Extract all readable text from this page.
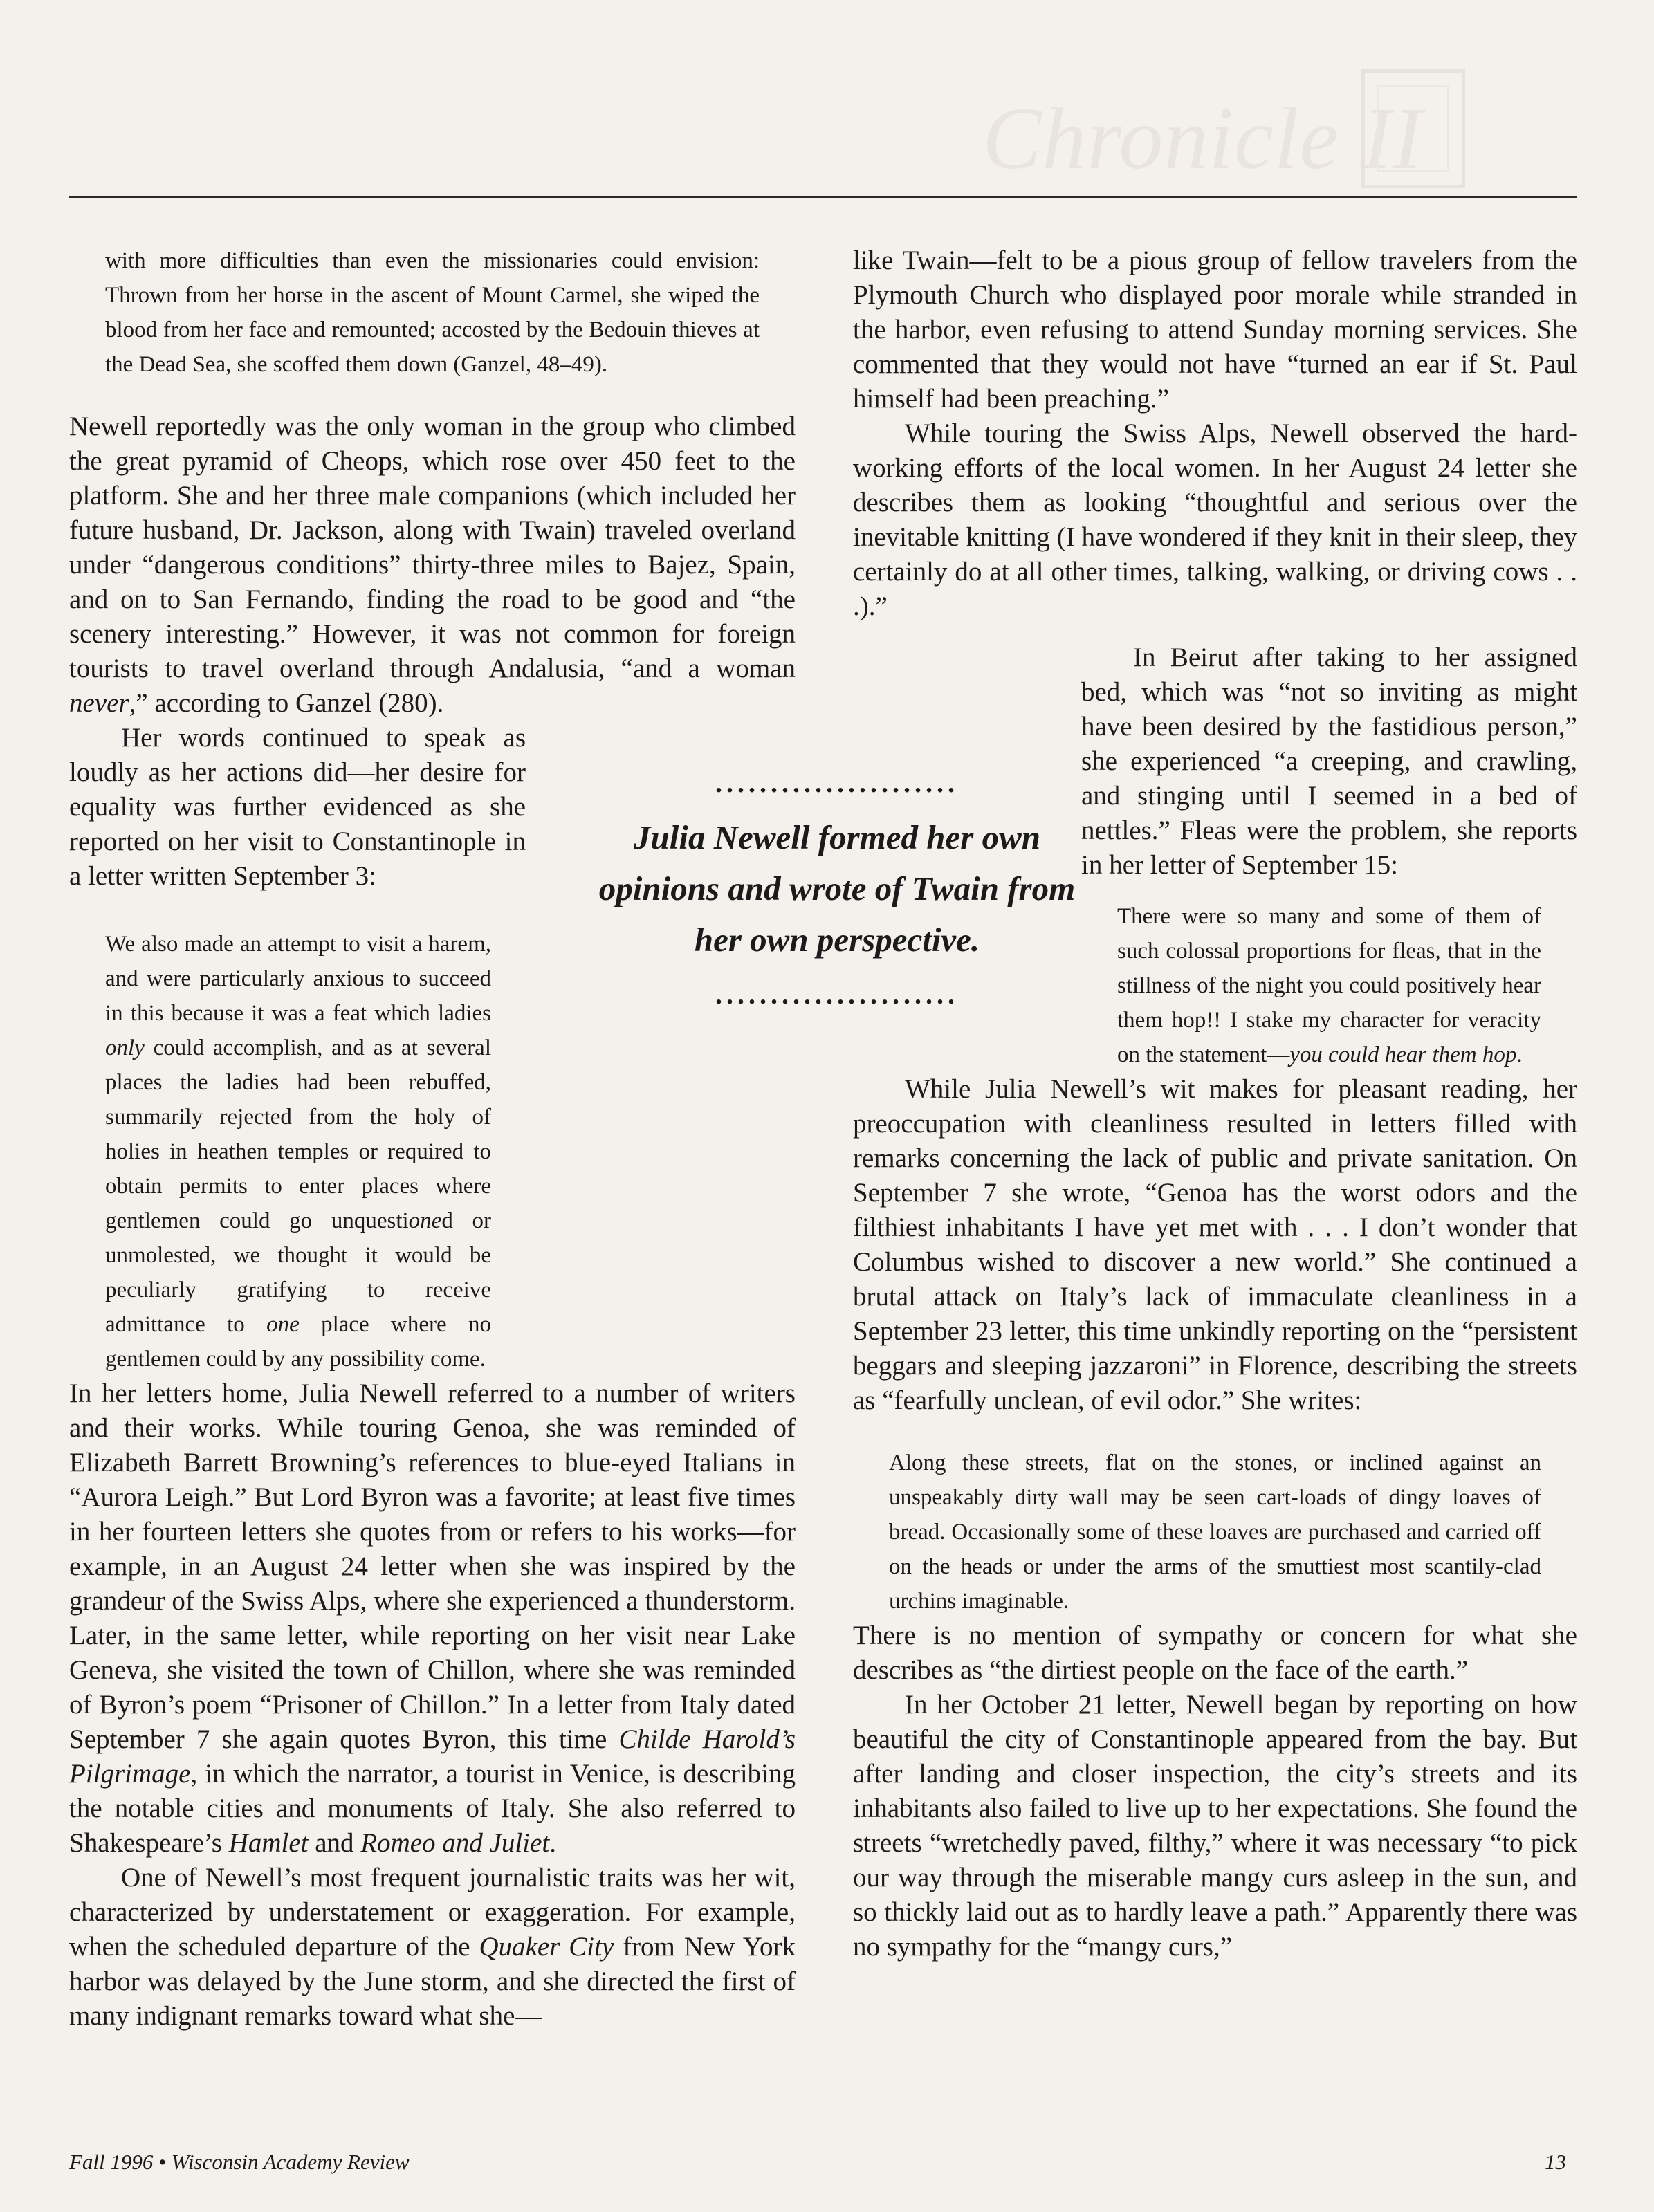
Chronicle II

with more difficulties than even the missionaries could envision: Thrown from her horse in the ascent of Mount Carmel, she wiped the blood from her face and remounted; accosted by the Bedouin thieves at the Dead Sea, she scoffed them down (Ganzel, 48–49).

Newell reportedly was the only woman in the group who climbed the great pyramid of Cheops, which rose over 450 feet to the platform. She and her three male companions (which included her future husband, Dr. Jackson, along with Twain) traveled overland under “dangerous conditions” thirty-three miles to Bajez, Spain, and on to San Fernando, finding the road to be good and “the scenery interesting.” However, it was not common for foreign tourists to travel overland through Andalusia, “and a woman never,” according to Ganzel (280).

Her words continued to speak as loudly as her actions did—her desire for equality was further evidenced as she reported on her visit to Constantinople in a letter written September 3:

We also made an attempt to visit a harem, and were particularly anxious to succeed in this because it was a feat which ladies only could accomplish, and as at several places the ladies had been rebuffed, summarily rejected from the holy of holies in heathen temples or required to obtain permits to enter places where gentlemen could go unquestioned or unmolested, we thought it would be peculiarly gratifying to receive admittance to one place where no gentlemen could by any possibility come.

In her letters home, Julia Newell referred to a number of writers and their works. While touring Genoa, she was reminded of Elizabeth Barrett Browning’s references to blue-eyed Italians in “Aurora Leigh.” But Lord Byron was a favorite; at least five times in her fourteen letters she quotes from or refers to his works—for example, in an August 24 letter when she was inspired by the grandeur of the Swiss Alps, where she experienced a thunderstorm. Later, in the same letter, while reporting on her visit near Lake Geneva, she visited the town of Chillon, where she was reminded of Byron’s poem “Prisoner of Chillon.” In a letter from Italy dated September 7 she again quotes Byron, this time Childe Harold’s Pilgrimage, in which the narrator, a tourist in Venice, is describing the notable cities and monuments of Italy. She also referred to Shakespeare’s Hamlet and Romeo and Juliet.

One of Newell’s most frequent journalistic traits was her wit, characterized by understatement or exaggeration. For example, when the scheduled departure of the Quaker City from New York harbor was delayed by the June storm, and she directed the first of many indignant remarks toward what she—

......................
Julia Newell formed her own opinions and wrote of Twain from her own perspective.
......................

like Twain—felt to be a pious group of fellow travelers from the Plymouth Church who displayed poor morale while stranded in the harbor, even refusing to attend Sunday morning services. She commented that they would not have “turned an ear if St. Paul himself had been preaching.”

While touring the Swiss Alps, Newell observed the hard-working efforts of the local women. In her August 24 letter she describes them as looking “thoughtful and serious over the inevitable knitting (I have wondered if they knit in their sleep, they certainly do at all other times, talking, walking, or driving cows . . .).”

In Beirut after taking to her assigned bed, which was “not so inviting as might have been desired by the fastidious person,” she experienced “a creeping, and crawling, and stinging until I seemed in a bed of nettles.” Fleas were the problem, she reports in her letter of September 15:

There were so many and some of them of such colossal proportions for fleas, that in the stillness of the night you could positively hear them hop!! I stake my character for veracity on the statement—you could hear them hop.

While Julia Newell’s wit makes for pleasant reading, her preoccupation with cleanliness resulted in letters filled with remarks concerning the lack of public and private sanitation. On September 7 she wrote, “Genoa has the worst odors and the filthiest inhabitants I have yet met with . . . I don’t wonder that Columbus wished to discover a new world.” She continued a brutal attack on Italy’s lack of immaculate cleanliness in a September 23 letter, this time unkindly reporting on the “persistent beggars and sleeping jazzaroni” in Florence, describing the streets as “fearfully unclean, of evil odor.” She writes:

Along these streets, flat on the stones, or inclined against an unspeakably dirty wall may be seen cart-loads of dingy loaves of bread. Occasionally some of these loaves are purchased and carried off on the heads or under the arms of the smuttiest most scantily-clad urchins imaginable.

There is no mention of sympathy or concern for what she describes as “the dirtiest people on the face of the earth.”

In her October 21 letter, Newell began by reporting on how beautiful the city of Constantinople appeared from the bay. But after landing and closer inspection, the city’s streets and its inhabitants also failed to live up to her expectations. She found the streets “wretchedly paved, filthy,” where it was necessary “to pick our way through the miserable mangy curs asleep in the sun, and so thickly laid out as to hardly leave a path.” Apparently there was no sympathy for the “mangy curs,”

Fall 1996 • Wisconsin Academy Review	13
